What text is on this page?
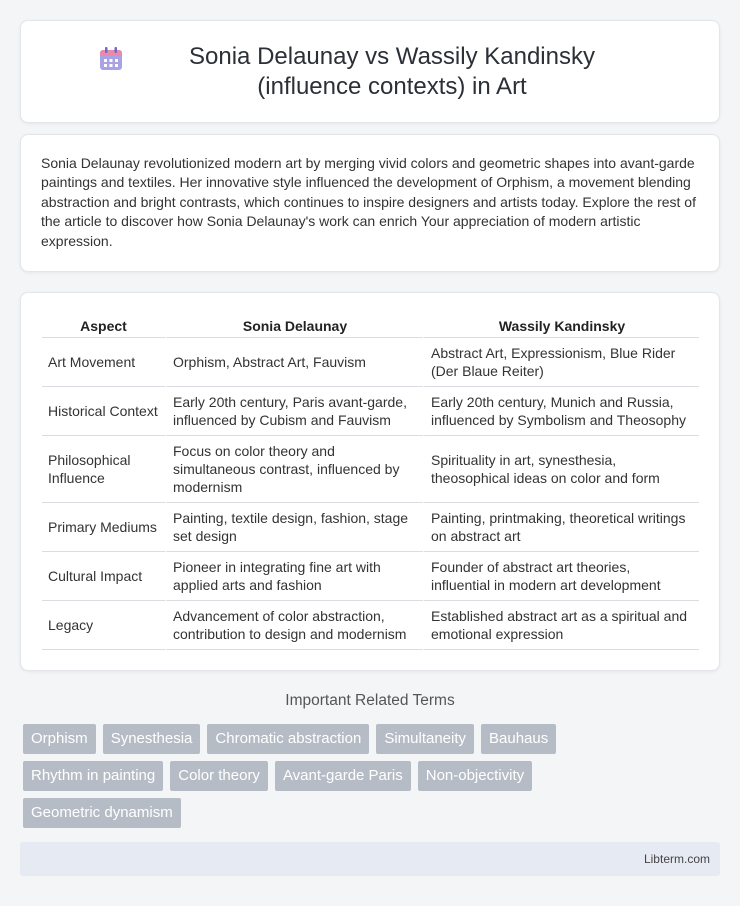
Sonia Delaunay vs Wassily Kandinsky (influence contexts) in Art

Sonia Delaunay revolutionized modern art by merging vivid colors and geometric shapes into avant-garde paintings and textiles. Her innovative style influenced the development of Orphism, a movement blending abstraction and bright contrasts, which continues to inspire designers and artists today. Explore the rest of the article to discover how Sonia Delaunay's work can enrich Your appreciation of modern artistic expression.

Aspect	Sonia Delaunay	Wassily Kandinsky
Art Movement	Orphism, Abstract Art, Fauvism	Abstract Art, Expressionism, Blue Rider (Der Blaue Reiter)
Historical Context	Early 20th century, Paris avant-garde, influenced by Cubism and Fauvism	Early 20th century, Munich and Russia, influenced by Symbolism and Theosophy
Philosophical Influence	Focus on color theory and simultaneous contrast, influenced by modernism	Spirituality in art, synesthesia, theosophical ideas on color and form
Primary Mediums	Painting, textile design, fashion, stage set design	Painting, printmaking, theoretical writings on abstract art
Cultural Impact	Pioneer in integrating fine art with applied arts and fashion	Founder of abstract art theories, influential in modern art development
Legacy	Advancement of color abstraction, contribution to design and modernism	Established abstract art as a spiritual and emotional expression
Important Related Terms
Orphism	Synesthesia	Chromatic abstraction	Simultaneity	Bauhaus
Rhythm in painting	Color theory	Avant-garde Paris	Non-objectivity
Geometric dynamism
Libterm.com
